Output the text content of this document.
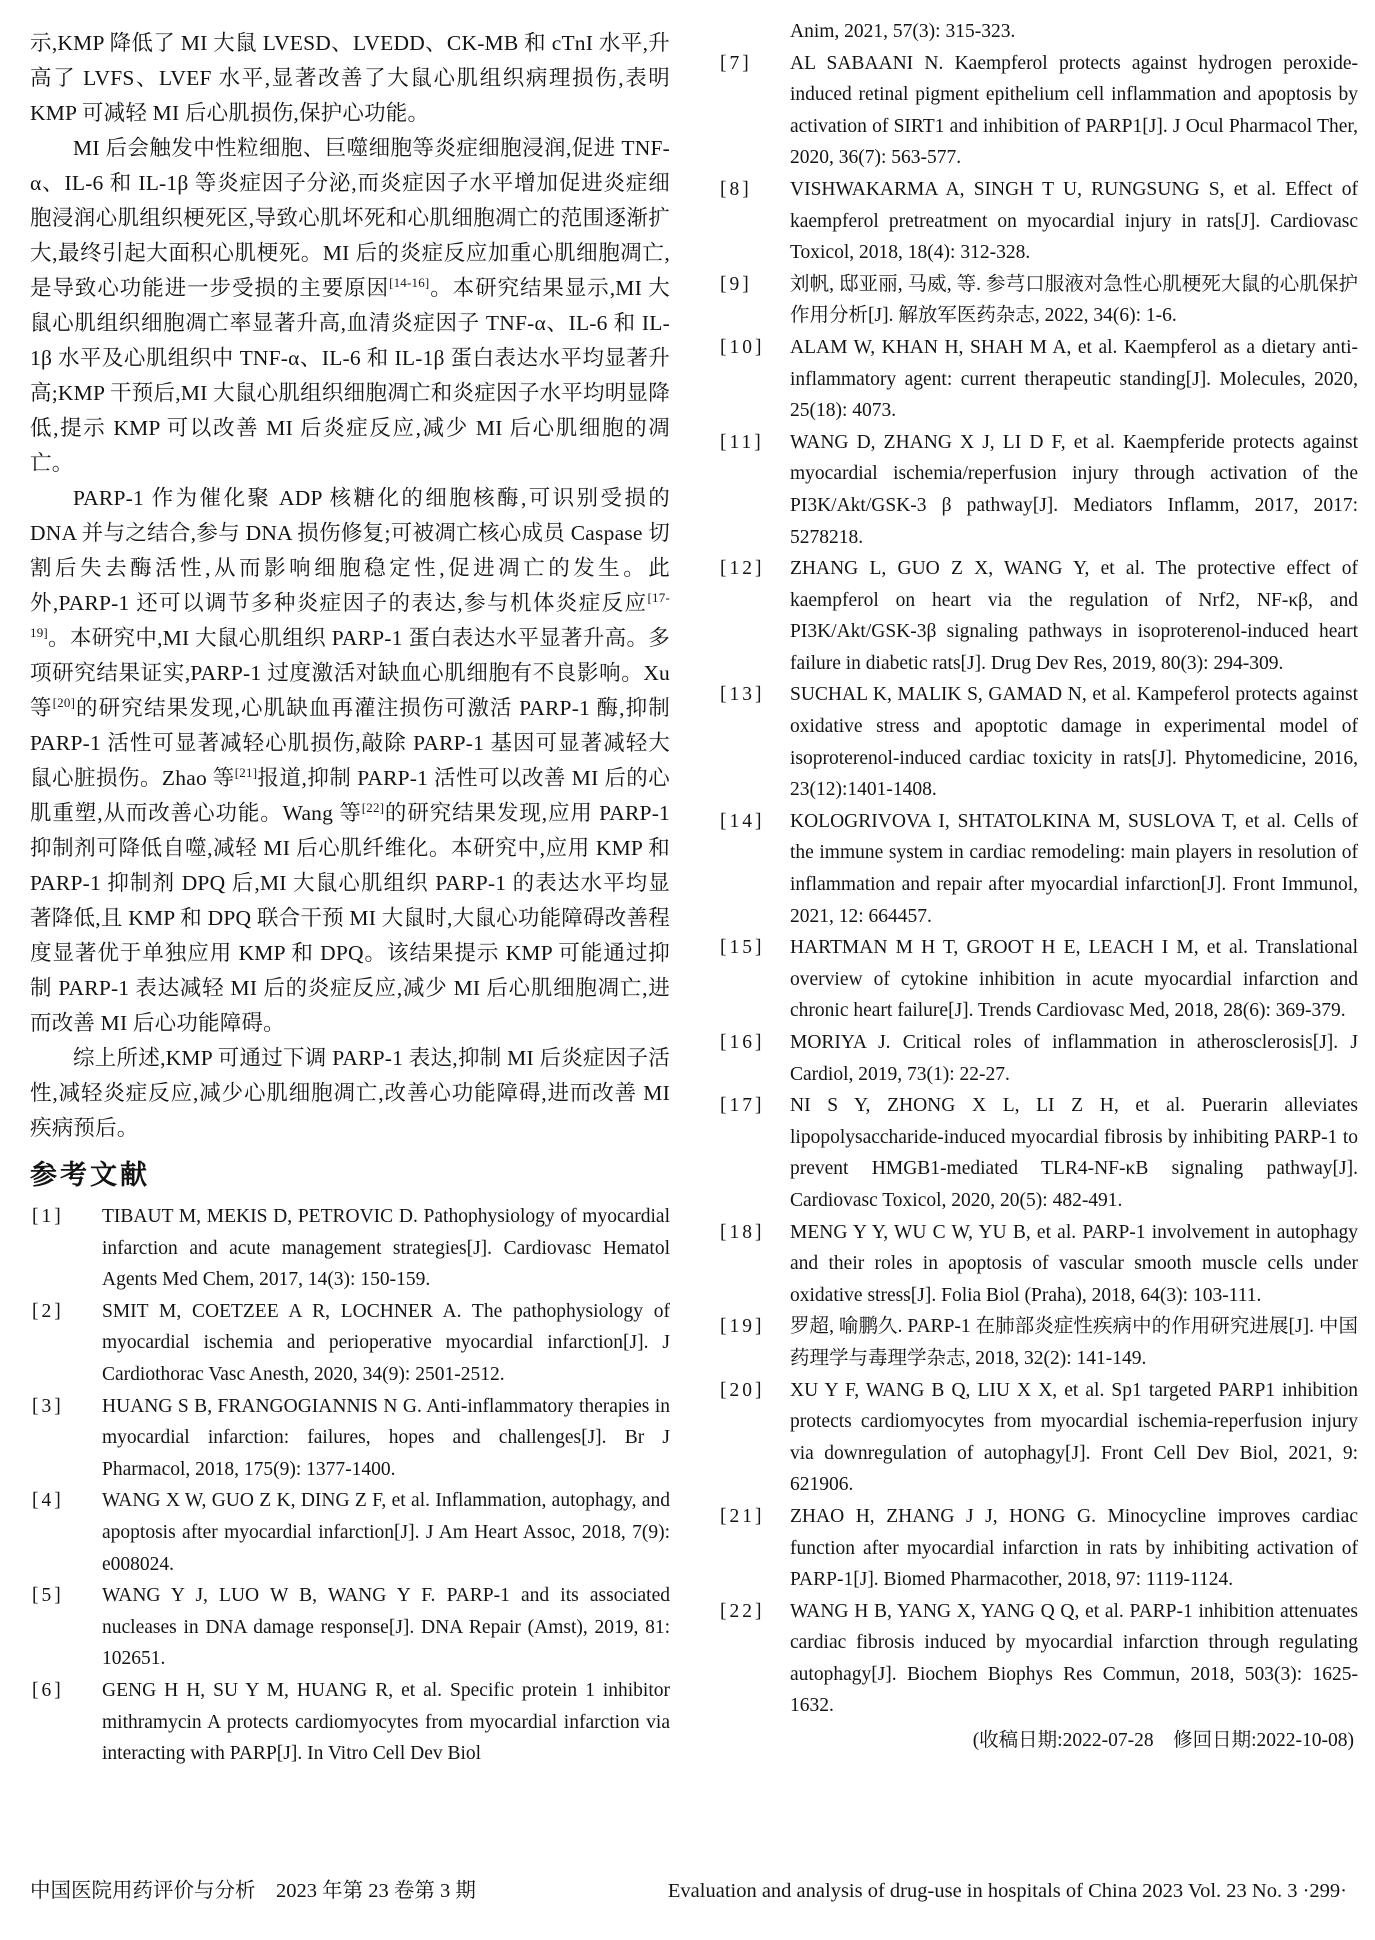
示,KMP 降低了 MI 大鼠 LVESD、LVEDD、CK-MB 和 cTnI 水平,升高了 LVFS、LVEF 水平,显著改善了大鼠心肌组织病理损伤,表明 KMP 可减轻 MI 后心肌损伤,保护心功能。

MI 后会触发中性粒细胞、巨噬细胞等炎症细胞浸润,促进 TNF-α、IL-6 和 IL-1β 等炎症因子分泌,而炎症因子水平增加促进炎症细胞浸润心肌组织梗死区,导致心肌坏死和心肌细胞凋亡的范围逐渐扩大,最终引起大面积心肌梗死。MI 后的炎症反应加重心肌细胞凋亡,是导致心功能进一步受损的主要原因[14-16]。本研究结果显示,MI 大鼠心肌组织细胞凋亡率显著升高,血清炎症因子 TNF-α、IL-6 和 IL-1β 水平及心肌组织中 TNF-α、IL-6 和 IL-1β 蛋白表达水平均显著升高;KMP 干预后,MI 大鼠心肌组织细胞凋亡和炎症因子水平均明显降低,提示 KMP 可以改善 MI 后炎症反应,减少 MI 后心肌细胞的凋亡。

PARP-1 作为催化聚 ADP 核糖化的细胞核酶,可识别受损的 DNA 并与之结合,参与 DNA 损伤修复;可被凋亡核心成员 Caspase 切割后失去酶活性,从而影响细胞稳定性,促进凋亡的发生。此外,PARP-1 还可以调节多种炎症因子的表达,参与机体炎症反应[17-19]。本研究中,MI 大鼠心肌组织 PARP-1 蛋白表达水平显著升高。多项研究结果证实,PARP-1 过度激活对缺血心肌细胞有不良影响。Xu 等[20]的研究结果发现,心肌缺血再灌注损伤可激活 PARP-1 酶,抑制 PARP-1 活性可显著减轻心肌损伤,敲除 PARP-1 基因可显著减轻大鼠心脏损伤。Zhao 等[21]报道,抑制 PARP-1 活性可以改善 MI 后的心肌重塑,从而改善心功能。Wang 等[22]的研究结果发现,应用 PARP-1 抑制剂可降低自噬,减轻 MI 后心肌纤维化。本研究中,应用 KMP 和 PARP-1 抑制剂 DPQ 后,MI 大鼠心肌组织 PARP-1 的表达水平均显著降低,且 KMP 和 DPQ 联合干预 MI 大鼠时,大鼠心功能障碍改善程度显著优于单独应用 KMP 和 DPQ。该结果提示 KMP 可能通过抑制 PARP-1 表达减轻 MI 后的炎症反应,减少 MI 后心肌细胞凋亡,进而改善 MI 后心功能障碍。

综上所述,KMP 可通过下调 PARP-1 表达,抑制 MI 后炎症因子活性,减轻炎症反应,减少心肌细胞凋亡,改善心功能障碍,进而改善 MI 疾病预后。

参考文献
[1] TIBAUT M, MEKIS D, PETROVIC D. Pathophysiology of myocardial infarction and acute management strategies[J]. Cardiovasc Hematol Agents Med Chem, 2017, 14(3): 150-159.
[2] SMIT M, COETZEE A R, LOCHNER A. The pathophysiology of myocardial ischemia and perioperative myocardial infarction[J]. J Cardiothorac Vasc Anesth, 2020, 34(9): 2501-2512.
[3] HUANG S B, FRANGOGIANNIS N G. Anti-inflammatory therapies in myocardial infarction: failures, hopes and challenges[J]. Br J Pharmacol, 2018, 175(9): 1377-1400.
[4] WANG X W, GUO Z K, DING Z F, et al. Inflammation, autophagy, and apoptosis after myocardial infarction[J]. J Am Heart Assoc, 2018, 7(9): e008024.
[5] WANG Y J, LUO W B, WANG Y F. PARP-1 and its associated nucleases in DNA damage response[J]. DNA Repair (Amst), 2019, 81: 102651.
[6] GENG H H, SU Y M, HUANG R, et al. Specific protein 1 inhibitor mithramycin A protects cardiomyocytes from myocardial infarction via interacting with PARP[J]. In Vitro Cell Dev Biol
Anim, 2021, 57(3): 315-323.
[7] AL SABAANI N. Kaempferol protects against hydrogen peroxide-induced retinal pigment epithelium cell inflammation and apoptosis by activation of SIRT1 and inhibition of PARP1[J]. J Ocul Pharmacol Ther, 2020, 36(7): 563-577.
[8] VISHWAKARMA A, SINGH T U, RUNGSUNG S, et al. Effect of kaempferol pretreatment on myocardial injury in rats[J]. Cardiovasc Toxicol, 2018, 18(4): 312-328.
[9] 刘帆, 邸亚丽, 马威, 等. 参芎口服液对急性心肌梗死大鼠的心肌保护作用分析[J]. 解放军医药杂志, 2022, 34(6): 1-6.
[10] ALAM W, KHAN H, SHAH M A, et al. Kaempferol as a dietary anti-inflammatory agent: current therapeutic standing[J]. Molecules, 2020, 25(18): 4073.
[11] WANG D, ZHANG X J, LI D F, et al. Kaempferide protects against myocardial ischemia/reperfusion injury through activation of the PI3K/Akt/GSK-3 β pathway[J]. Mediators Inflamm, 2017, 2017: 5278218.
[12] ZHANG L, GUO Z X, WANG Y, et al. The protective effect of kaempferol on heart via the regulation of Nrf2, NF-κβ, and PI3K/Akt/GSK-3β signaling pathways in isoproterenol-induced heart failure in diabetic rats[J]. Drug Dev Res, 2019, 80(3): 294-309.
[13] SUCHAL K, MALIK S, GAMAD N, et al. Kampeferol protects against oxidative stress and apoptotic damage in experimental model of isoproterenol-induced cardiac toxicity in rats[J]. Phytomedicine, 2016, 23(12):1401-1408.
[14] KOLOGRIVOVA I, SHTATOLKINA M, SUSLOVA T, et al. Cells of the immune system in cardiac remodeling: main players in resolution of inflammation and repair after myocardial infarction[J]. Front Immunol, 2021, 12: 664457.
[15] HARTMAN M H T, GROOT H E, LEACH I M, et al. Translational overview of cytokine inhibition in acute myocardial infarction and chronic heart failure[J]. Trends Cardiovasc Med, 2018, 28(6): 369-379.
[16] MORIYA J. Critical roles of inflammation in atherosclerosis[J]. J Cardiol, 2019, 73(1): 22-27.
[17] NI S Y, ZHONG X L, LI Z H, et al. Puerarin alleviates lipopolysaccharide-induced myocardial fibrosis by inhibiting PARP-1 to prevent HMGB1-mediated TLR4-NF-κB signaling pathway[J]. Cardiovasc Toxicol, 2020, 20(5): 482-491.
[18] MENG Y Y, WU C W, YU B, et al. PARP-1 involvement in autophagy and their roles in apoptosis of vascular smooth muscle cells under oxidative stress[J]. Folia Biol (Praha), 2018, 64(3): 103-111.
[19] 罗超, 喻鹏久. PARP-1 在肺部炎症性疾病中的作用研究进展[J]. 中国药理学与毒理学杂志, 2018, 32(2): 141-149.
[20] XU Y F, WANG B Q, LIU X X, et al. Sp1 targeted PARP1 inhibition protects cardiomyocytes from myocardial ischemia-reperfusion injury via downregulation of autophagy[J]. Front Cell Dev Biol, 2021, 9: 621906.
[21] ZHAO H, ZHANG J J, HONG G. Minocycline improves cardiac function after myocardial infarction in rats by inhibiting activation of PARP-1[J]. Biomed Pharmacother, 2018, 97: 1119-1124.
[22] WANG H B, YANG X, YANG Q Q, et al. PARP-1 inhibition attenuates cardiac fibrosis induced by myocardial infarction through regulating autophagy[J]. Biochem Biophys Res Commun, 2018, 503(3): 1625-1632.
(收稿日期:2022-07-28　修回日期:2022-10-08)
中国医院用药评价与分析　2023 年第 23 卷第 3 期	Evaluation and analysis of drug-use in hospitals of China 2023 Vol. 23 No. 3 ·299·
